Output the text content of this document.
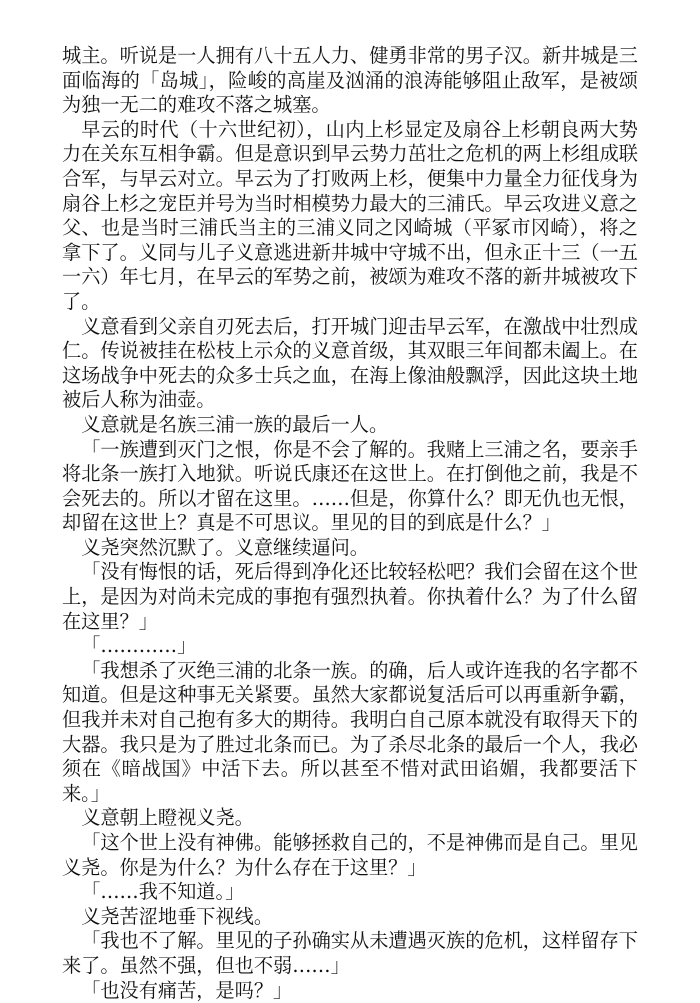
城主。听说是一人拥有八十五人力、健勇非常的男子汉。新井城是三面临海的「岛城」，险峻的高崖及汹涌的浪涛能够阻止敌军，是被颂为独一无二的难攻不落之城塞。

早云的时代（十六世纪初），山内上杉显定及扇谷上杉朝良两大势力在关东互相争霸。但是意识到早云势力茁壮之危机的两上杉组成联合军，与早云对立。早云为了打败两上杉，便集中力量全力征伐身为扇谷上杉之宠臣并号为当时相模势力最大的三浦氏。早云攻进义意之父、也是当时三浦氏当主的三浦义同之冈崎城（平冢市冈崎），将之拿下了。义同与儿子义意逃进新井城中守城不出，但永正十三（一五一六）年七月，在早云的军势之前，被颂为难攻不落的新井城被攻下了。

义意看到父亲自刃死去后，打开城门迎击早云军，在激战中壮烈成仁。传说被挂在松枝上示众的义意首级，其双眼三年间都未阖上。在这场战争中死去的众多士兵之血，在海上像油般飘浮，因此这块土地被后人称为油壶。

义意就是名族三浦一族的最后一人。

「一族遭到灭门之恨，你是不会了解的。我赌上三浦之名，要亲手将北条一族打入地狱。听说氏康还在这世上。在打倒他之前，我是不会死去的。所以才留在这里。……但是，你算什么？即无仇也无恨，却留在这世上？真是不可思议。里见的目的到底是什么？」

义尧突然沉默了。义意继续逼问。

「没有悔恨的话，死后得到净化还比较轻松吧？我们会留在这个世上，是因为对尚未完成的事抱有强烈执着。你执着什么？为了什么留在这里？」

「…………」

「我想杀了灭绝三浦的北条一族。的确，后人或许连我的名字都不知道。但是这种事无关紧要。虽然大家都说复活后可以再重新争霸，但我并未对自己抱有多大的期待。我明白自己原本就没有取得天下的大器。我只是为了胜过北条而已。为了杀尽北条的最后一个人，我必须在《暗战国》中活下去。所以甚至不惜对武田谄媚，我都要活下来。」

义意朝上瞪视义尧。

「这个世上没有神佛。能够拯救自己的，不是神佛而是自己。里见义尧。你是为什么？为什么存在于这里？」

「……我不知道。」

义尧苦涩地垂下视线。

「我也不了解。里见的子孙确实从未遭遇灭族的危机，这样留存下来了。虽然不强，但也不弱……」

「也没有痛苦，是吗？」
